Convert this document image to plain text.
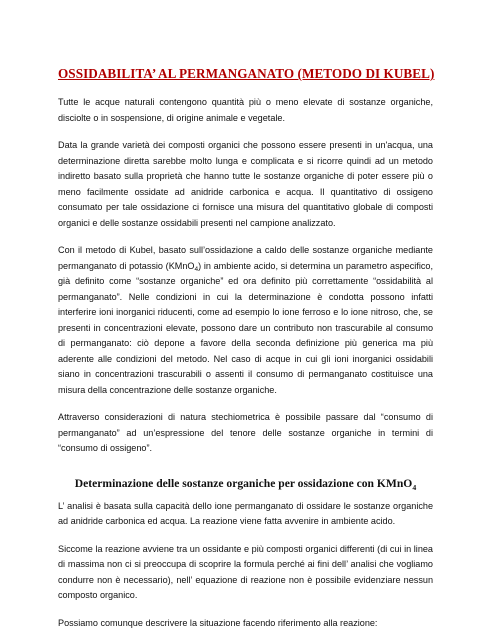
OSSIDABILITA’ AL PERMANGANATO (METODO DI KUBEL)

Tutte le acque naturali contengono quantità più o meno elevate di sostanze organiche, disciolte o in sospensione, di origine animale e vegetale.

Data la grande varietà dei composti organici che possono essere presenti in un'acqua, una determinazione diretta sarebbe molto lunga e complicata e si ricorre quindi ad un metodo indiretto basato sulla proprietà che hanno tutte le sostanze organiche di poter essere più o meno facilmente ossidate ad anidride carbonica e acqua. Il quantitativo di ossigeno consumato per tale ossidazione ci fornisce una misura del quantitativo globale di composti organici e delle sostanze ossidabili presenti nel campione analizzato.

Con il metodo di Kubel, basato sull’ossidazione a caldo delle sostanze organiche mediante permanganato di potassio (KMnO$_4$) in ambiente acido, si determina un parametro aspecifico, già definito come “sostanze organiche” ed ora definito più correttamente “ossidabilità al permanganato”. Nelle condizioni in cui la determinazione è condotta possono infatti interferire ioni inorganici riducenti, come ad esempio lo ione ferroso e lo ione nitroso, che, se presenti in concentrazioni elevate, possono dare un contributo non trascurabile al consumo di permanganato: ciò depone a favore della seconda definizione più generica ma più aderente alle condizioni del metodo. Nel caso di acque in cui gli ioni inorganici ossidabili siano in concentrazioni trascurabili o assenti il consumo di permanganato costituisce una misura della concentrazione delle sostanze organiche.

Attraverso considerazioni di natura stechiometrica è possibile passare dal “consumo di permanganato” ad un’espressione del tenore delle sostanze organiche in termini di “consumo di ossigeno”.

Determinazione delle sostanze organiche per ossidazione con KMnO$_4$

L’ analisi è basata sulla capacità dello ione permanganato di ossidare le sostanze organiche ad anidride carbonica ed acqua. La reazione viene fatta avvenire in ambiente acido.

Siccome la reazione avviene tra un ossidante e più composti organici differenti (di cui in linea di massima non ci si preoccupa di scoprire la formula perché ai fini dell’ analisi che vogliamo condurre non è necessario), nell’ equazione di reazione non è possibile evidenziare nessun composto organico.

Possiamo comunque descrivere la situazione facendo riferimento alla reazione:
